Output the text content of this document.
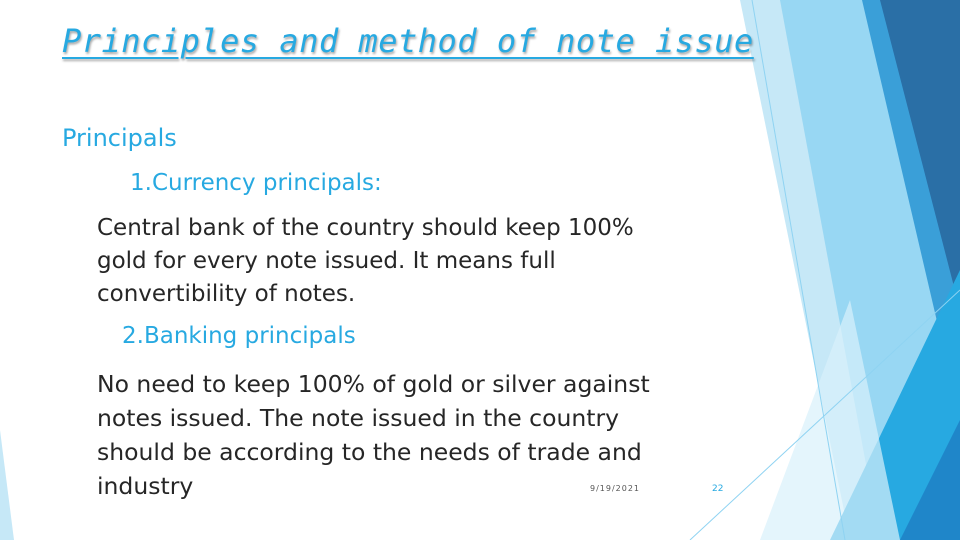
Principles and method of note issue

Principals

1.Currency principals:

Central bank of the country should keep 100%
gold for every note issued. It means full
convertibility of notes.

2.Banking principals

No need to keep 100% of gold or silver against
notes issued. The note issued in the country
should be according to the needs of trade and
industry	9/19/2021	22
